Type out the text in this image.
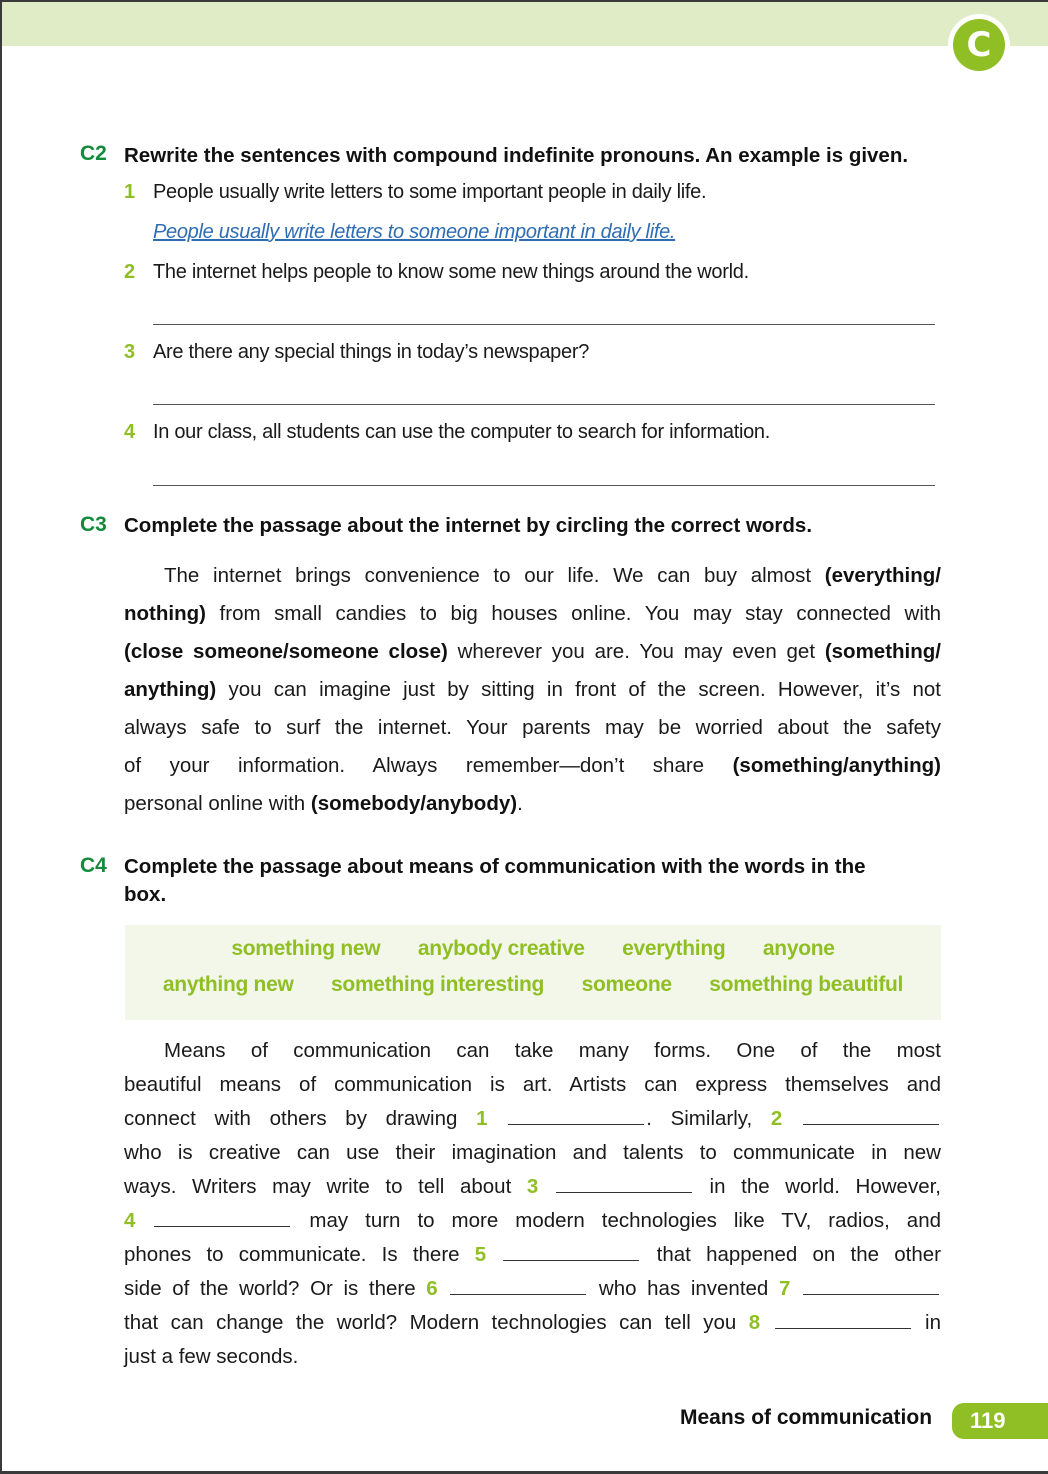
C
C2 Rewrite the sentences with compound indefinite pronouns. An example is given.
1 People usually write letters to some important people in daily life.
People usually write letters to someone important in daily life.
2 The internet helps people to know some new things around the world.
3 Are there any special things in today’s newspaper?
4 In our class, all students can use the computer to search for information.
C3 Complete the passage about the internet by circling the correct words.
The internet brings convenience to our life. We can buy almost (everything/
nothing) from small candies to big houses online. You may stay connected with
(close someone/someone close) wherever you are. You may even get (something/
anything) you can imagine just by sitting in front of the screen. However, it’s not
always safe to surf the internet. Your parents may be worried about the safety
of your information. Always remember—don’t share (something/anything)
personal online with (somebody/anybody).
C4 Complete the passage about means of communication with the words in the
box.
something new anybody creative everything anyone
anything new something interesting someone something beautiful
Means of communication can take many forms. One of the most
beautiful means of communication is art. Artists can express themselves and
connect with others by drawing 1	. Similarly, 2
who is creative can use their imagination and talents to communicate in new
ways. Writers may write to tell about 3	in the world. However,
4	may turn to more modern technologies like TV, radios, and
phones to communicate. Is there 5	that happened on the other
side of the world? Or is there 6	who has invented 7
that can change the world? Modern technologies can tell you 8	in
just a few seconds.
Means of communication	119
